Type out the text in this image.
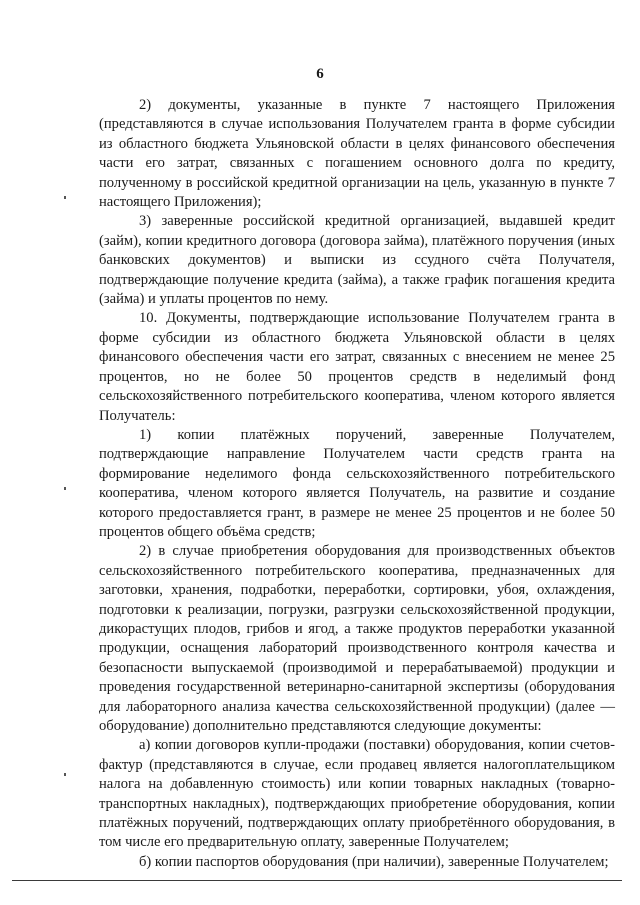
6

2) документы, указанные в пункте 7 настоящего Приложения (представляются в случае использования Получателем гранта в форме субсидии из областного бюджета Ульяновской области в целях финансового обеспечения части его затрат, связанных с погашением основного долга по кредиту, полученному в российской кредитной организации на цель, указанную в пункте 7 настоящего Приложения);

3) заверенные российской кредитной организацией, выдавшей кредит (займ), копии кредитного договора (договора займа), платёжного поручения (иных банковских документов) и выписки из ссудного счёта Получателя, подтверждающие получение кредита (займа), а также график погашения кредита (займа) и уплаты процентов по нему.

10. Документы, подтверждающие использование Получателем гранта в форме субсидии из областного бюджета Ульяновской области в целях финансового обеспечения части его затрат, связанных с внесением не менее 25 процентов, но не более 50 процентов средств в неделимый фонд сельскохозяйственного потребительского кооператива, членом которого является Получатель:

1) копии платёжных поручений, заверенные Получателем, подтверждающие направление Получателем части средств гранта на формирование неделимого фонда сельскохозяйственного потребительского кооператива, членом которого является Получатель, на развитие и создание которого предоставляется грант, в размере не менее 25 процентов и не более 50 процентов общего объёма средств;

2) в случае приобретения оборудования для производственных объектов сельскохозяйственного потребительского кооператива, предназначенных для заготовки, хранения, подработки, переработки, сортировки, убоя, охлаждения, подготовки к реализации, погрузки, разгрузки сельскохозяйственной продукции, дикорастущих плодов, грибов и ягод, а также продуктов переработки указанной продукции, оснащения лабораторий производственного контроля качества и безопасности выпускаемой (производимой и перерабатываемой) продукции и проведения государственной ветеринарно-санитарной экспертизы (оборудования для лабораторного анализа качества сельскохозяйственной продукции) (далее — оборудование) дополнительно представляются следующие документы:

а) копии договоров купли-продажи (поставки) оборудования, копии счетов-фактур (представляются в случае, если продавец является налогоплательщиком налога на добавленную стоимость) или копии товарных накладных (товарно-транспортных накладных), подтверждающих приобретение оборудования, копии платёжных поручений, подтверждающих оплату приобретённого оборудования, в том числе его предварительную оплату, заверенные Получателем;

б) копии паспортов оборудования (при наличии), заверенные Получателем;
